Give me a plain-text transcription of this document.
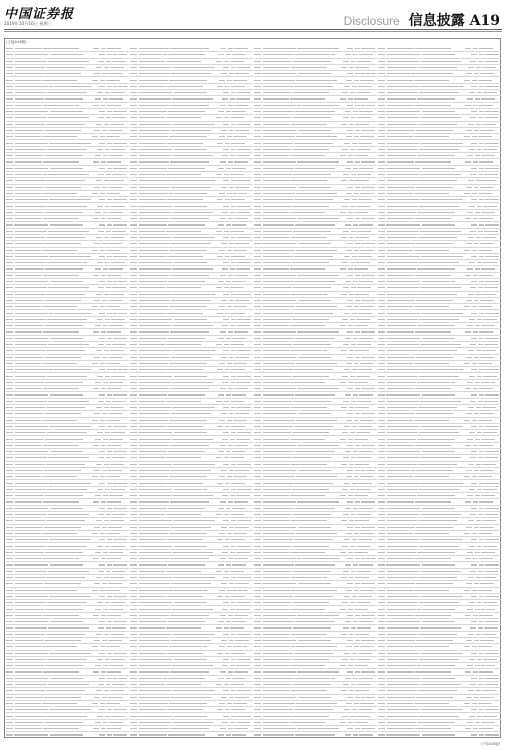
中国证券报
2019年10月16日 星期三	Disclosure 信息披露 A19
(上接A18版)
(下转A20版)
